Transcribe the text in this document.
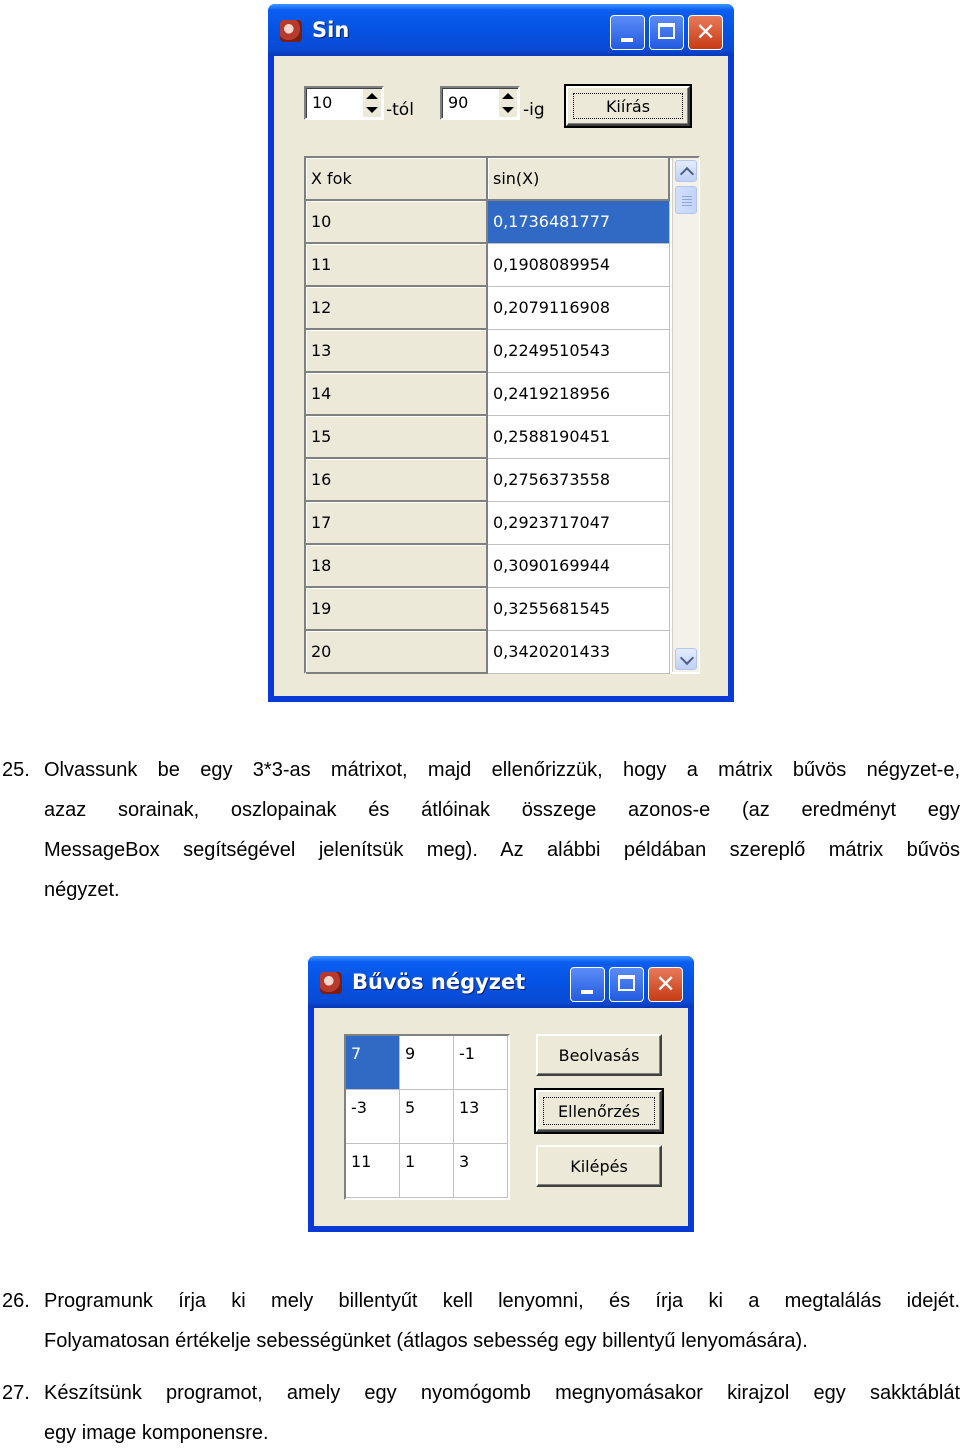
Sin	✕
10	-tól 90	-ig	Kiírás
X fok	sin(X)
10	0,1736481777
11	0,1908089954
12	0,2079116908
13	0,2249510543
14	0,2419218956
15	0,2588190451
16	0,2756373558
17	0,2923717047
18	0,3090169944
19	0,3255681545
20	0,3420201433
25. Olvassunk be egy 3*3-as mátrixot, majd ellenőrizzük, hogy a mátrix bűvös négyzet-e,
azaz sorainak, oszlopainak és átlóinak összege azonos-e (az eredményt egy
MessageBox segítségével jelenítsük meg). Az alábbi példában szereplő mátrix bűvös
négyzet.
Bűvös négyzet	✕
7	9	-1
-3	5	13
11	1	3
Beolvasás
Ellenőrzés
Kilépés
26. Programunk írja ki mely billentyűt kell lenyomni, és írja ki a megtalálás idejét.
Folyamatosan értékelje sebességünket (átlagos sebesség egy billentyű lenyomására).
27. Készítsünk programot, amely egy nyomógomb megnyomásakor kirajzol egy sakktáblát
egy image komponensre.
